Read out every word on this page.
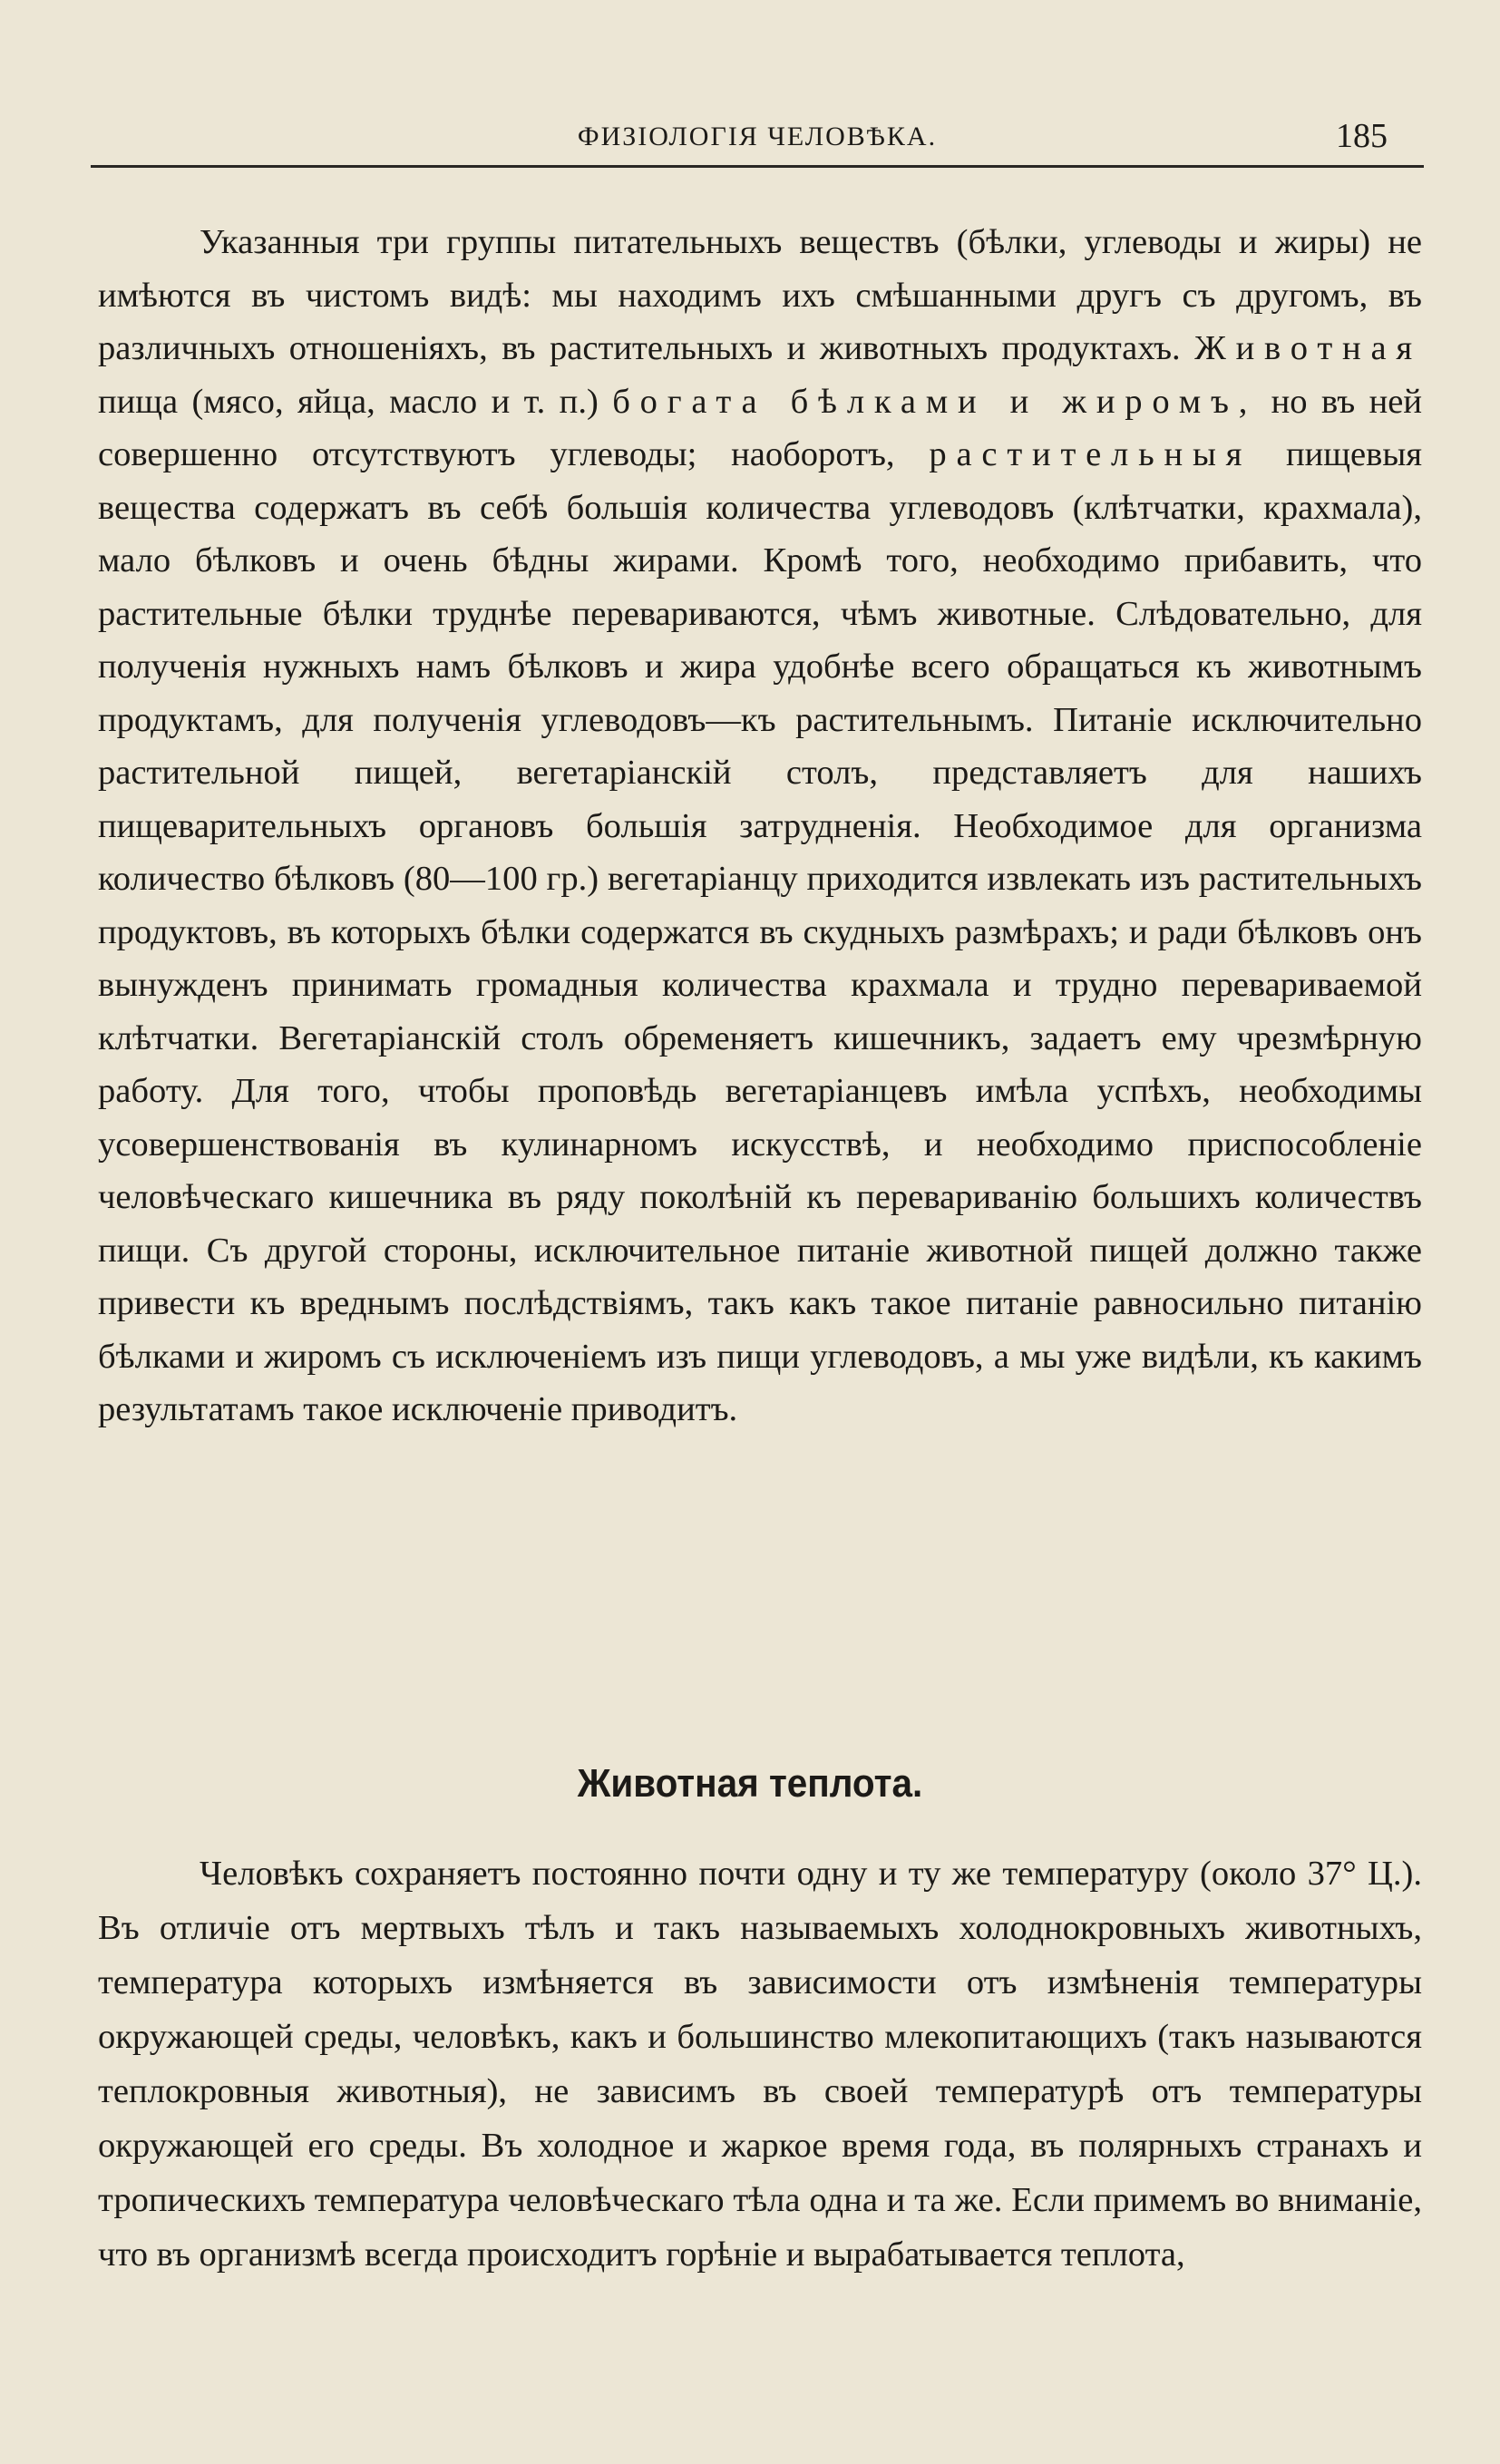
ФИЗІОЛОГІЯ ЧЕЛОВѢКА.	185

Указанныя три группы питательныхъ веществъ (бѣлки, углеводы и жиры) не имѣются въ чистомъ видѣ: мы находимъ ихъ смѣшанными другъ съ другомъ, въ различныхъ отношеніяхъ, въ растительныхъ и животныхъ продуктахъ. Животная пища (мясо, яйца, масло и т. п.) богата бѣлками и жиромъ, но въ ней совершенно отсутствуютъ углеводы; наоборотъ, растительныя пищевыя вещества содержатъ въ себѣ большія количества углеводовъ (клѣтчатки, крахмала), мало бѣлковъ и очень бѣдны жирами. Кромѣ того, необходимо прибавить, что растительные бѣлки труднѣе перевариваются, чѣмъ животные. Слѣдовательно, для полученія нужныхъ намъ бѣлковъ и жира удобнѣе всего обращаться къ животнымъ продуктамъ, для полученія углеводовъ—къ растительнымъ. Питаніе исключительно растительной пищей, вегетаріанскій столъ, представляетъ для нашихъ пищеварительныхъ органовъ большія затрудненія. Необходимое для организма количество бѣлковъ (80—100 гр.) вегетаріанцу приходится извлекать изъ растительныхъ продуктовъ, въ которыхъ бѣлки содержатся въ скудныхъ размѣрахъ; и ради бѣлковъ онъ вынужденъ принимать громадныя количества крахмала и трудно перевариваемой клѣтчатки. Вегетаріанскій столъ обременяетъ кишечникъ, задаетъ ему чрезмѣрную работу. Для того, чтобы проповѣдь вегетаріанцевъ имѣла успѣхъ, необходимы усовершенствованія въ кулинарномъ искусствѣ, и необходимо приспособленіе человѣческаго кишечника въ ряду поколѣній къ перевариванію большихъ количествъ пищи. Съ другой стороны, исключительное питаніе животной пищей должно также привести къ вреднымъ послѣдствіямъ, такъ какъ такое питаніе равносильно питанію бѣлками и жиромъ съ исключеніемъ изъ пищи углеводовъ, а мы уже видѣли, къ какимъ результатамъ такое исключеніе приводитъ.

Животная теплота.

Человѣкъ сохраняетъ постоянно почти одну и ту же температуру (около 37° Ц.). Въ отличіе отъ мертвыхъ тѣлъ и такъ называемыхъ холоднокровныхъ животныхъ, температура которыхъ измѣняется въ зависимости отъ измѣненія температуры окружающей среды, человѣкъ, какъ и большинство млекопитающихъ (такъ называются теплокровныя животныя), не зависимъ въ своей температурѣ отъ температуры окружающей его среды. Въ холодное и жаркое время года, въ полярныхъ странахъ и тропическихъ температура человѣческаго тѣла одна и та же. Если примемъ во вниманіе, что въ организмѣ всегда происходитъ горѣніе и вырабатывается теплота,
